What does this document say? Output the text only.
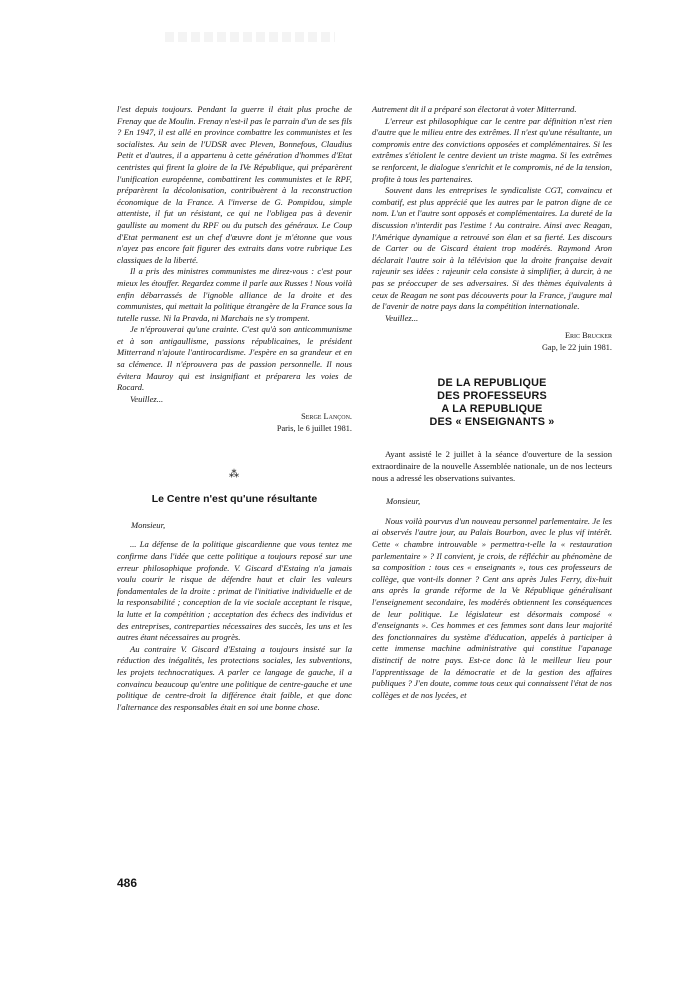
l'est depuis toujours. Pendant la guerre il était plus proche de Frenay que de Moulin. Frenay n'est-il pas le parrain d'un de ses fils ? En 1947, il est allé en province combattre les communistes et les socialistes. Au sein de l'UDSR avec Pleven, Bonnefous, Claudius Petit et d'autres, il a appartenu à cette génération d'hommes d'Etat centristes qui firent la gloire de la IVe République, qui préparèrent l'unification européenne, combattirent les communistes et le RPF, préparèrent la décolonisation, contribuèrent à la reconstruction économique de la France. A l'inverse de G. Pompidou, simple attentiste, il fut un résistant, ce qui ne l'obligea pas à devenir gaulliste au moment du RPF ou du putsch des généraux. Le Coup d'Etat permanent est un chef d'œuvre dont je m'étonne que vous n'ayez pas encore fait figurer des extraits dans votre rubrique Les classiques de la liberté.

Il a pris des ministres communistes me direz-vous : c'est pour mieux les étouffer. Regardez comme il parle aux Russes ! Nous voilà enfin débarrassés de l'ignoble alliance de la droite et des communistes, qui mettait la politique étrangère de la France sous la tutelle russe. Ni la Pravda, ni Marchais ne s'y trompent.

Je n'éprouverai qu'une crainte. C'est qu'à son anticommunisme et à son antigaullisme, passions républicaines, le président Mitterrand n'ajoute l'antirocardisme. J'espère en sa grandeur et en sa clémence. Il n'éprouvera pas de passion personnelle. Il nous évitera Mauroy qui est insignifiant et préparera les voies de Rocard.

Veuillez...

Serge Lançon.
Paris, le 6 juillet 1981.
⁂
Le Centre n'est qu'une résultante

Monsieur,

... La défense de la politique giscardienne que vous tentez me confirme dans l'idée que cette politique a toujours reposé sur une erreur philosophique profonde. V. Giscard d'Estaing n'a jamais voulu courir le risque de défendre haut et clair les valeurs fondamentales de la droite : primat de l'initiative individuelle et de la responsabilité ; conception de la vie sociale acceptant le risque, la lutte et la compétition ; acceptation des échecs des individus et des entreprises, contreparties nécessaires des succès, les uns et les autres étant nécessaires au progrès.

Au contraire V. Giscard d'Estaing a toujours insisté sur la réduction des inégalités, les protections sociales, les subventions, les projets technocratiques. A parler ce langage de gauche, il a convaincu beaucoup qu'entre une politique de centre-gauche et une politique de centre-droit la différence était faible, et que donc l'alternance des responsables était en soi une bonne chose.

Autrement dit il a préparé son électorat à voter Mitterrand.

L'erreur est philosophique car le centre par définition n'est rien d'autre que le milieu entre des extrêmes. Il n'est qu'une résultante, un compromis entre des convictions opposées et complémentaires. Si les extrêmes s'étiolent le centre devient un triste magma. Si les extrêmes se renforcent, le dialogue s'enrichit et le compromis, né de la tension, profite à tous les partenaires.

Souvent dans les entreprises le syndicaliste CGT, convaincu et combatif, est plus apprécié que les autres par le patron digne de ce nom. L'un et l'autre sont opposés et complémentaires. La dureté de la discussion n'interdit pas l'estime ! Au contraire. Ainsi avec Reagan, l'Amérique dynamique a retrouvé son élan et sa fierté. Les discours de Carter ou de Giscard étaient trop modérés. Raymond Aron déclarait l'autre soir à la télévision que la droite française devait rajeunir ses idées : rajeunir cela consiste à simplifier, à durcir, à ne pas se préoccuper de ses adversaires. Si des thèmes équivalents à ceux de Reagan ne sont pas découverts pour la France, j'augure mal de l'avenir de notre pays dans la compétition internationale.

Veuillez...

Eric Brucker
Gap, le 22 juin 1981.
DE LA REPUBLIQUE
DES PROFESSEURS
A LA REPUBLIQUE
DES « ENSEIGNANTS »

Ayant assisté le 2 juillet à la séance d'ouverture de la session extraordinaire de la nouvelle Assemblée nationale, un de nos lecteurs nous a adressé les observations suivantes.

Monsieur,

Nous voilà pourvus d'un nouveau personnel parlementaire. Je les ai observés l'autre jour, au Palais Bourbon, avec le plus vif intérêt. Cette « chambre introuvable » permettra-t-elle la « restauration parlementaire » ? Il convient, je crois, de réfléchir au phénomène de sa composition : tous ces « enseignants », tous ces professeurs de collège, que vont-ils donner ? Cent ans après Jules Ferry, dix-huit ans après la grande réforme de la Ve République généralisant l'enseignement secondaire, les modérés obtiennent les conséquences de leur politique. Le législateur est désormais composé « d'enseignants ». Ces hommes et ces femmes sont dans leur majorité des fonctionnaires du système d'éducation, appelés à participer à cette immense machine administrative qui constitue l'apanage distinctif de notre pays. Est-ce donc là le meilleur lieu pour l'apprentissage de la démocratie et de la gestion des affaires publiques ? J'en doute, comme tous ceux qui connaissent l'état de nos collèges et de nos lycées, et

486
